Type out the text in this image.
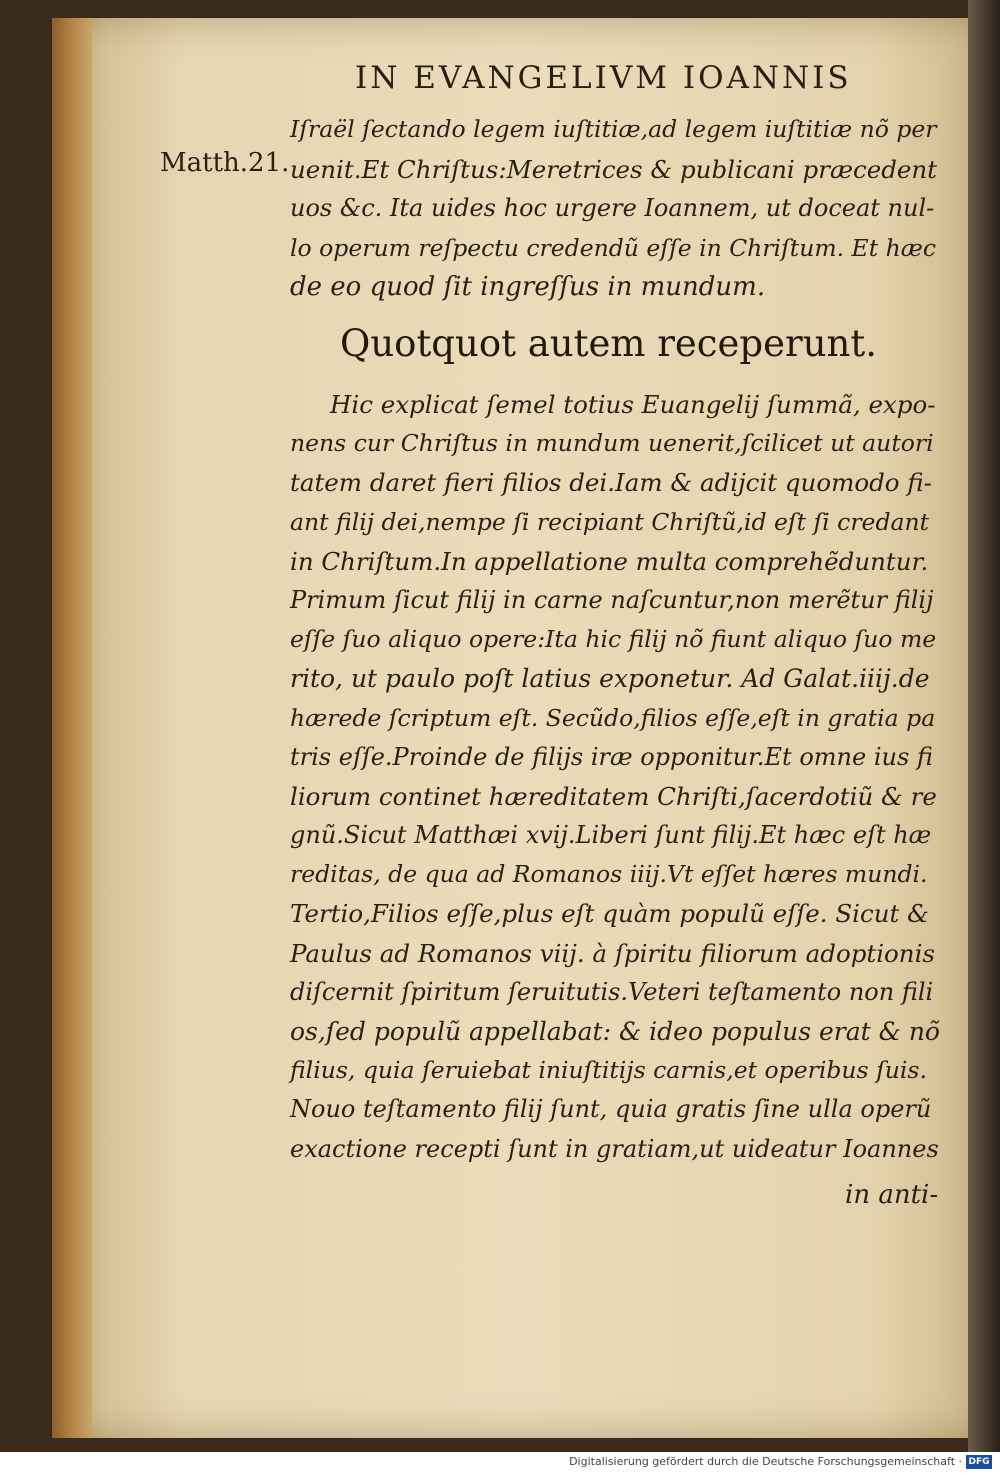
IN EVANGELIVM IOANNIS
Matth.21.
Iſraël ſectando legem iuſtitiæ,ad legem iuſtitiæ nõ per
uenit.Et Chriſtus:Meretrices & publicani præcedent
uos &c. Ita uides hoc urgere Ioannem, ut doceat nul-
lo operum reſpectu credendũ eſſe in Chriſtum. Et hæc
de eo quod ſit ingreſſus in mundum.
Quotquot autem receperunt.
Hic explicat ſemel totius Euangelij ſummã, expo-
nens cur Chriſtus in mundum uenerit,ſcilicet ut autori
tatem daret fieri filios dei.Iam & adijcit quomodo fi-
ant filij dei,nempe ſi recipiant Chriſtũ,id eſt ſi credant
in Chriſtum.In appellatione multa comprehẽduntur.
Primum ſicut filij in carne naſcuntur,non merẽtur filij
eſſe ſuo aliquo opere:Ita hic filij nõ fiunt aliquo ſuo me
rito, ut paulo poſt latius exponetur. Ad Galat.iiij.de
hærede ſcriptum eſt. Secũdo,filios eſſe,eſt in gratia pa
tris eſſe.Proinde de filijs iræ opponitur.Et omne ius fi
liorum continet hæreditatem Chriſti,ſacerdotiũ & re
gnũ.Sicut Matthæi xvij.Liberi ſunt filij.Et hæc eſt hæ
reditas, de qua ad Romanos iiij.Vt eſſet hæres mundi.
Tertio,Filios eſſe,plus eſt quàm populũ eſſe. Sicut &
Paulus ad Romanos viij. à ſpiritu filiorum adoptionis
diſcernit ſpiritum ſeruitutis.Veteri teſtamento non fili
os,ſed populũ appellabat: & ideo populus erat & nõ
filius, quia ſeruiebat iniuſtitijs carnis,et operibus ſuis.
Nouo teſtamento filij ſunt, quia gratis ſine ulla operũ
exactione recepti ſunt in gratiam,ut uideatur Ioannes
in anti-
Digitalisierung gefördert durch die Deutsche Forschungsgemeinschaft · DFG
